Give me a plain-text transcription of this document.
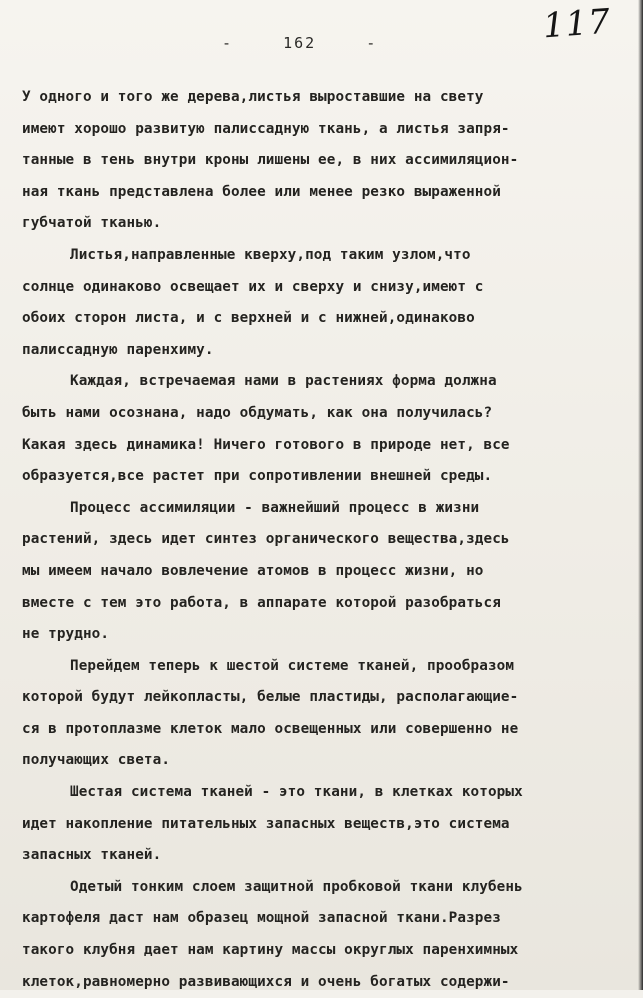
-  162  -	117
У одного и того же дерева,листья выроставшие на свету
имеют хорошо развитую палиссадную ткань, а листья запря-
танные в тень внутри кроны лишены ее, в них ассимиляцион-
ная ткань представлена более или менее резко выраженной
губчатой тканью.
Листья,направленные кверху,под таким узлом,что
солнце одинаково освещает их и сверху и снизу,имеют с
обоих сторон листа, и с верхней и с нижней,одинаково
палиссадную паренхиму.
Каждая, встречаемая нами в растениях форма должна
быть нами осознана, надо обдумать, как она получилась?
Какая здесь динамика! Ничего готового в природе нет, все
образуется,все растет при сопротивлении внешней среды.
Процесс ассимиляции - важнейший процесс в жизни
растений, здесь идет синтез органического вещества,здесь
мы имеем начало вовлечение атомов в процесс жизни, но
вместе с тем это работа, в аппарате которой разобраться
не трудно.
Перейдем теперь к шестой системе тканей, прообразом
которой будут лейкопласты, белые пластиды, располагающие-
ся в протоплазме клеток мало освещенных или совершенно не
получающих света.
Шестая система тканей - это ткани, в клетках которых
идет накопление питательных запасных веществ,это система
запасных тканей.
Одетый тонким слоем защитной пробковой ткани клубень
картофеля даст нам образец мощной запасной ткани.Разрез
такого клубня дает нам картину массы округлых паренхимных
клеток,равномерно развивающихся и очень богатых содержи-
